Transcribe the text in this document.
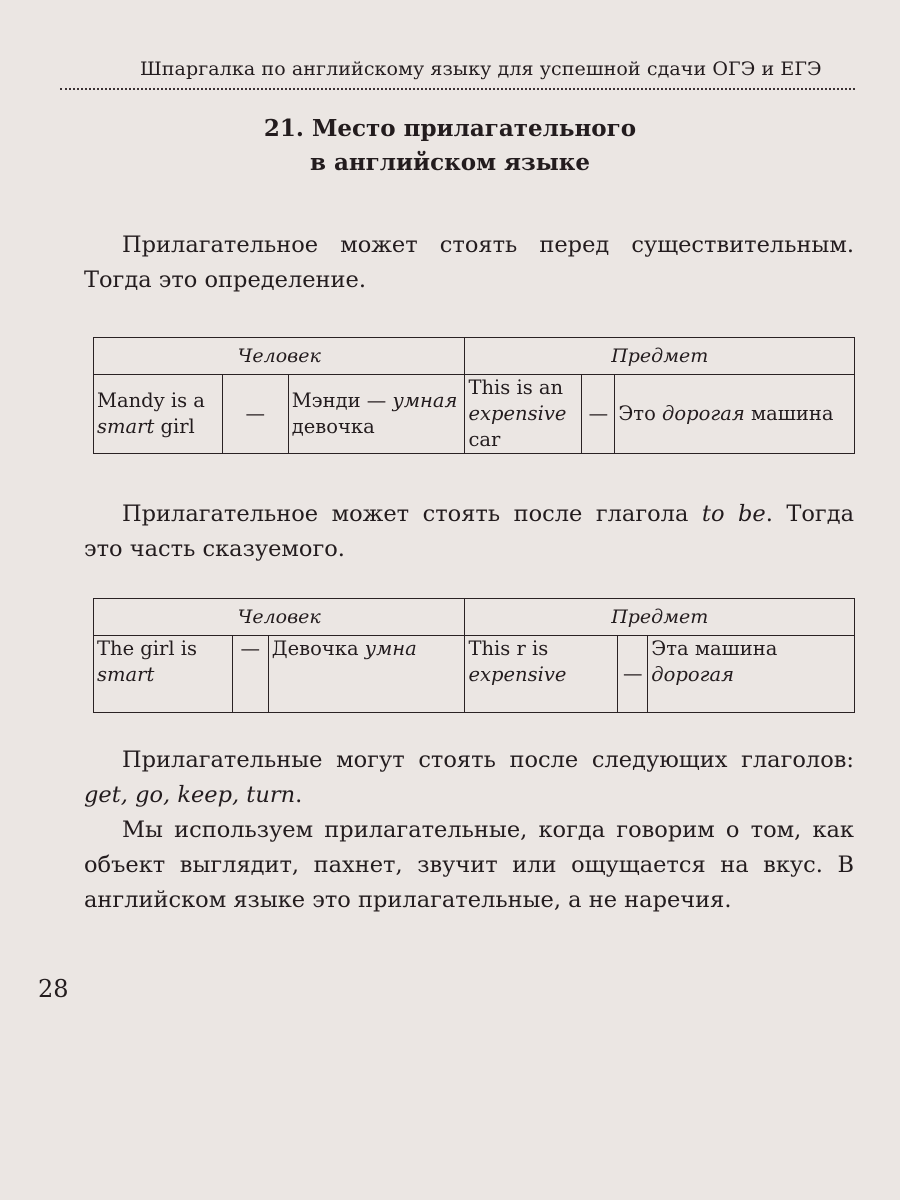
Шпаргалка по английскому языку для успешной сдачи ОГЭ и ЕГЭ
21. Место прилагательного
в английском языке
Прилагательное может стоять перед существительным. Тогда это определение.
Человек			Предмет		
Mandy is a smart girl	—	Мэнди — умная девочка	This is an expensive car	—	Это дорогая машина
Прилагательное может стоять после глагола to be. Тогда это часть сказуемого.
Человек			Предмет		
The girl is smart	—	Девочка умна	This r is expensive	—	Эта машина дорогая
Прилагательные могут стоять после следующих глаголов: get, go, keep, turn.
Мы используем прилагательные, когда говорим о том, как объект выглядит, пахнет, звучит или ощущается на вкус. В английском языке это прилагательные, а не наречия.
28
